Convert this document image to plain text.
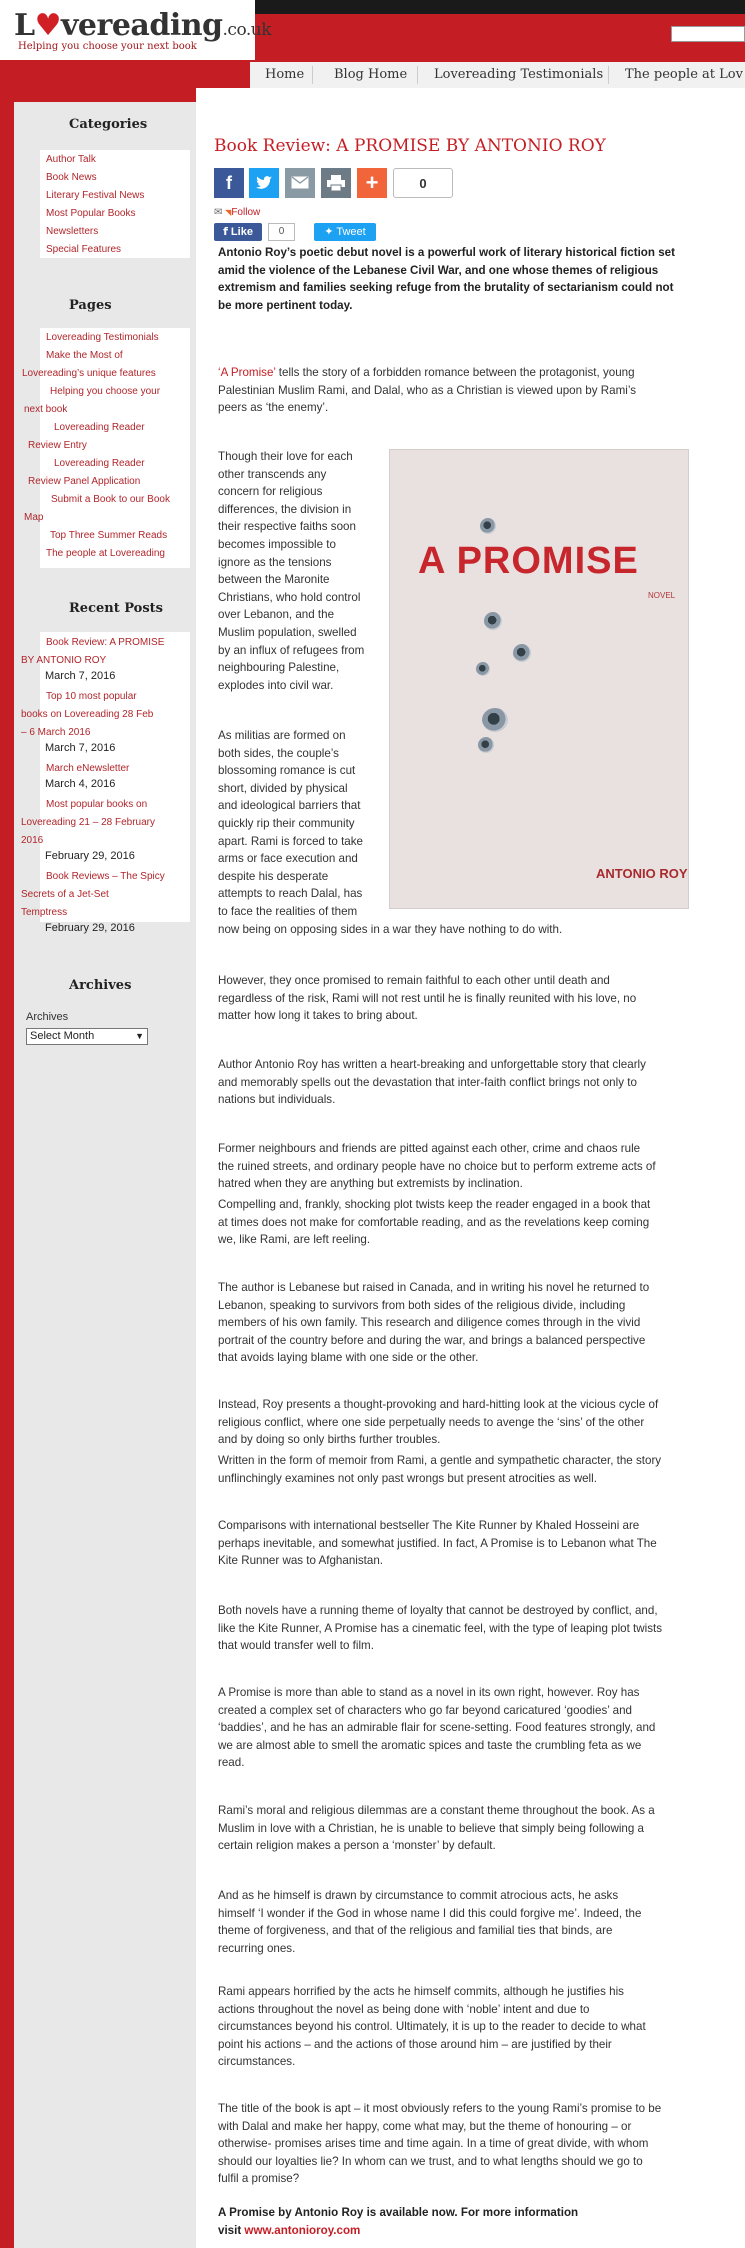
L♥vereading.co.uk
Helping you choose your next book
Home Blog Home Lovereading Testimonials The people at Lov
Categories
Author Talk
Book News
Literary Festival News
Most Popular Books
Newsletters
Special Features
Pages
Lovereading Testimonials
Make the Most of
Lovereading’s unique features
Helping you choose your
next book
Lovereading Reader
Review Entry
Lovereading Reader
Review Panel Application
Submit a Book to our Book
Map
Top Three Summer Reads
The people at Lovereading
Recent Posts
Book Review: A PROMISE
BY ANTONIO ROY
March 7, 2016
Top 10 most popular
books on Lovereading 28 Feb
– 6 March 2016
March 7, 2016
March eNewsletter
March 4, 2016
Most popular books on
Lovereading 21 – 28 February
2016
February 29, 2016
Book Reviews – The Spicy
Secrets of a Jet-Set
Temptress
February 29, 2016
Archives
Archives
Select Month	▼
Book Review: A PROMISE BY ANTONIO ROY
f	+	0
✉ ◥Follow
f Like	0	✦ Tweet
A PROMISE
NOVEL
ANTONIO ROY
Antonio Roy’s poetic debut novel is a powerful work of literary historical fiction set
amid the violence of the Lebanese Civil War, and one whose themes of religious
extremism and families seeking refuge from the brutality of sectarianism could not
be more pertinent today.
‘A Promise’ tells the story of a forbidden romance between the protagonist, young
Palestinian Muslim Rami, and Dalal, who as a Christian is viewed upon by Rami’s
peers as ‘the enemy’.
Though their love for each
other transcends any
concern for religious
differences, the division in
their respective faiths soon
becomes impossible to
ignore as the tensions
between the Maronite
Christians, who hold control
over Lebanon, and the
Muslim population, swelled
by an influx of refugees from
neighbouring Palestine,
explodes into civil war.
As militias are formed on
both sides, the couple’s
blossoming romance is cut
short, divided by physical
and ideological barriers that
quickly rip their community
apart. Rami is forced to take
arms or face execution and
despite his desperate
attempts to reach Dalal, has
to face the realities of them
now being on opposing sides in a war they have nothing to do with.
However, they once promised to remain faithful to each other until death and
regardless of the risk, Rami will not rest until he is finally reunited with his love, no
matter how long it takes to bring about.
Author Antonio Roy has written a heart-breaking and unforgettable story that clearly
and memorably spells out the devastation that inter-faith conflict brings not only to
nations but individuals.
Former neighbours and friends are pitted against each other, crime and chaos rule
the ruined streets, and ordinary people have no choice but to perform extreme acts of
hatred when they are anything but extremists by inclination.
Compelling and, frankly, shocking plot twists keep the reader engaged in a book that
at times does not make for comfortable reading, and as the revelations keep coming
we, like Rami, are left reeling.
The author is Lebanese but raised in Canada, and in writing his novel he returned to
Lebanon, speaking to survivors from both sides of the religious divide, including
members of his own family. This research and diligence comes through in the vivid
portrait of the country before and during the war, and brings a balanced perspective
that avoids laying blame with one side or the other.
Instead, Roy presents a thought-provoking and hard-hitting look at the vicious cycle of
religious conflict, where one side perpetually needs to avenge the ‘sins’ of the other
and by doing so only births further troubles.
Written in the form of memoir from Rami, a gentle and sympathetic character, the story
unflinchingly examines not only past wrongs but present atrocities as well.
Comparisons with international bestseller The Kite Runner by Khaled Hosseini are
perhaps inevitable, and somewhat justified. In fact, A Promise is to Lebanon what The
Kite Runner was to Afghanistan.
Both novels have a running theme of loyalty that cannot be destroyed by conflict, and,
like the Kite Runner, A Promise has a cinematic feel, with the type of leaping plot twists
that would transfer well to film.
A Promise is more than able to stand as a novel in its own right, however. Roy has
created a complex set of characters who go far beyond caricatured ‘goodies’ and
‘baddies’, and he has an admirable flair for scene-setting. Food features strongly, and
we are almost able to smell the aromatic spices and taste the crumbling feta as we
read.
Rami’s moral and religious dilemmas are a constant theme throughout the book. As a
Muslim in love with a Christian, he is unable to believe that simply being following a
certain religion makes a person a ‘monster’ by default.
And as he himself is drawn by circumstance to commit atrocious acts, he asks
himself ‘I wonder if the God in whose name I did this could forgive me’. Indeed, the
theme of forgiveness, and that of the religious and familial ties that binds, are
recurring ones.
Rami appears horrified by the acts he himself commits, although he justifies his
actions throughout the novel as being done with ‘noble’ intent and due to
circumstances beyond his control. Ultimately, it is up to the reader to decide to what
point his actions – and the actions of those around him – are justified by their
circumstances.
The title of the book is apt – it most obviously refers to the young Rami’s promise to be
with Dalal and make her happy, come what may, but the theme of honouring – or
otherwise- promises arises time and time again. In a time of great divide, with whom
should our loyalties lie? In whom can we trust, and to what lengths should we go to
fulfil a promise?
A Promise by Antonio Roy is available now. For more information
visit www.antonioroy.com
